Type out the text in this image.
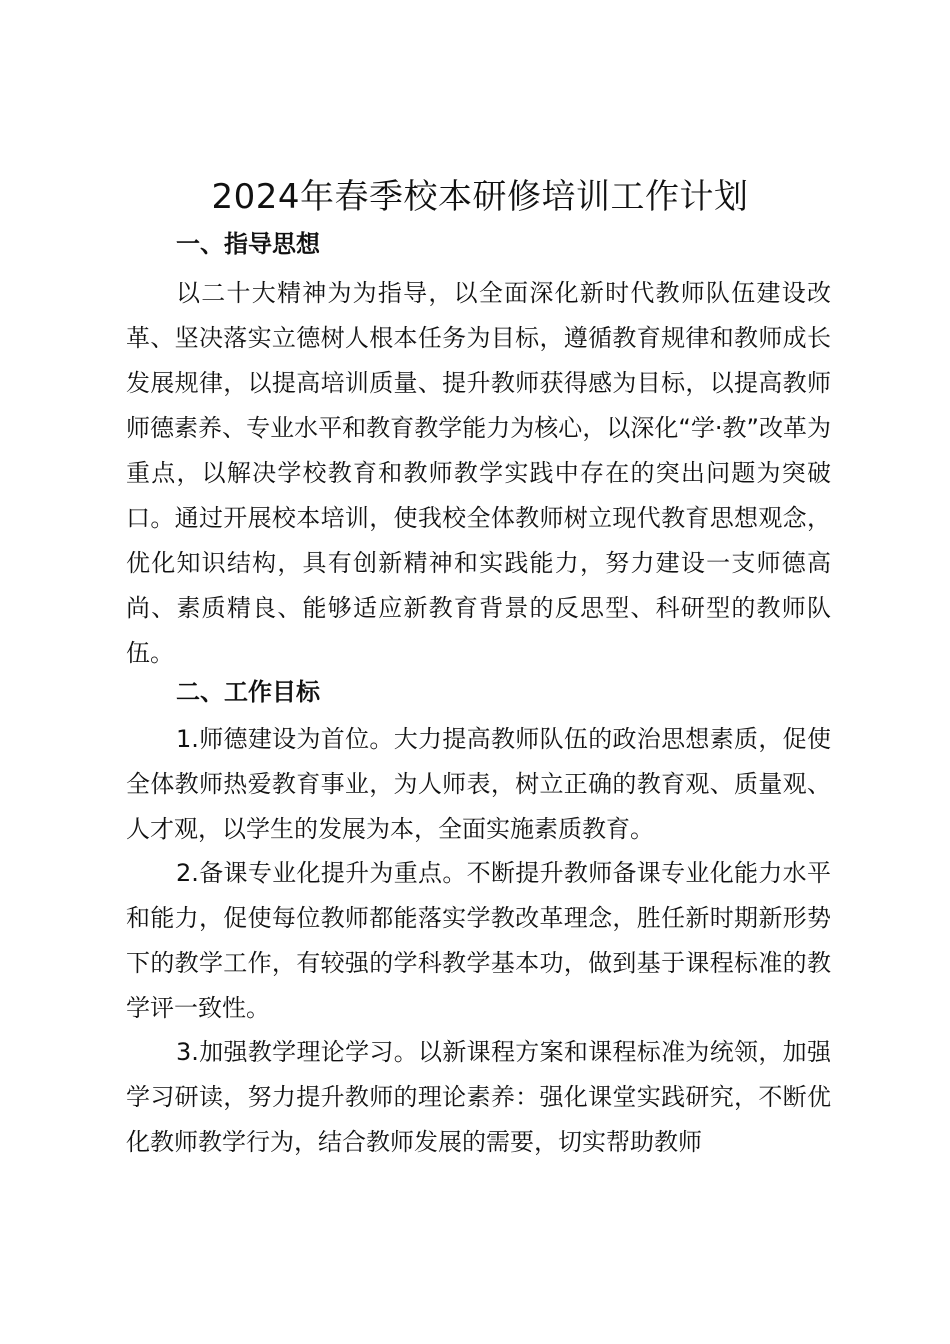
2024年春季校本研修培训工作计划
一、指导思想
以二十大精神为为指导，以全面深化新时代教师队伍建设改革、坚决落实立德树人根本任务为目标，遵循教育规律和教师成长发展规律，以提高培训质量、提升教师获得感为目标，以提高教师师德素养、专业水平和教育教学能力为核心，以深化“学·教”改革为重点，以解决学校教育和教师教学实践中存在的突出问题为突破口。通过开展校本培训，使我校全体教师树立现代教育思想观念，优化知识结构，具有创新精神和实践能力，努力建设一支师德高尚、素质精良、能够适应新教育背景的反思型、科研型的教师队伍。
二、工作目标
1.师德建设为首位。大力提高教师队伍的政治思想素质，促使全体教师热爱教育事业，为人师表，树立正确的教育观、质量观、人才观，以学生的发展为本，全面实施素质教育。
2.备课专业化提升为重点。不断提升教师备课专业化能力水平和能力，促使每位教师都能落实学教改革理念，胜任新时期新形势下的教学工作，有较强的学科教学基本功，做到基于课程标准的教学评一致性。
3.加强教学理论学习。以新课程方案和课程标准为统领，加强学习研读，努力提升教师的理论素养：强化课堂实践研究，不断优化教师教学行为，结合教师发展的需要，切实帮助教师
